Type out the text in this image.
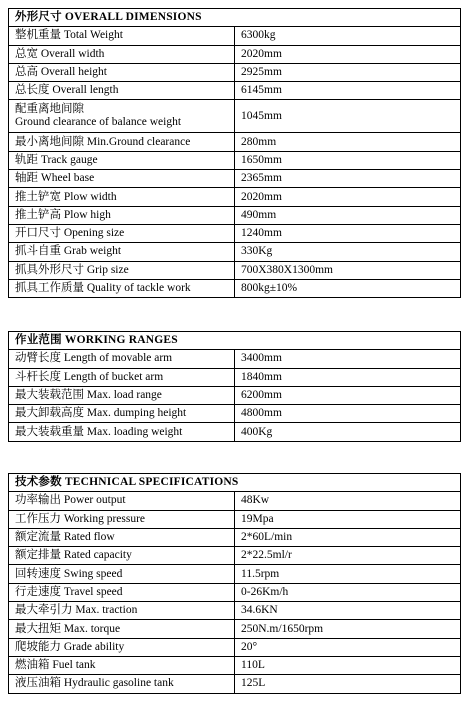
外形尺寸 OVERALL DIMENSIONS	
整机重量 Total Weight	6300kg
总宽 Overall width	2020mm
总高 Overall height	2925mm
总长度 Overall length	6145mm
配重离地间隙
Ground clearance of balance weight	1045mm
最小离地间隙 Min.Ground clearance	280mm
轨距 Track gauge	1650mm
轴距 Wheel base	2365mm
推土铲宽 Plow width	2020mm
推土铲高 Plow high	490mm
开口尺寸 Opening size	1240mm
抓斗自重 Grab weight	330Kg
抓具外形尺寸 Grip size	700X380X1300mm
抓具工作质量 Quality of tackle work	800kg±10%
作业范围 WORKING RANGES	
动臂长度 Length of movable arm	3400mm
斗杆长度 Length of bucket arm	1840mm
最大装载范围 Max. load range	6200mm
最大卸载高度 Max. dumping height	4800mm
最大装载重量 Max. loading weight	400Kg
技术参数 TECHNICAL SPECIFICATIONS	
功率输出 Power output	48Kw
工作压力 Working pressure	19Mpa
额定流量 Rated flow	2*60L/min
额定排量 Rated capacity	2*22.5ml/r
回转速度 Swing speed	11.5rpm
行走速度 Travel speed	0-26Km/h
最大牵引力 Max. traction	34.6KN
最大扭矩 Max. torque	250N.m/1650rpm
爬坡能力 Grade ability	20°
燃油箱 Fuel tank	110L
液压油箱 Hydraulic gasoline tank	125L
